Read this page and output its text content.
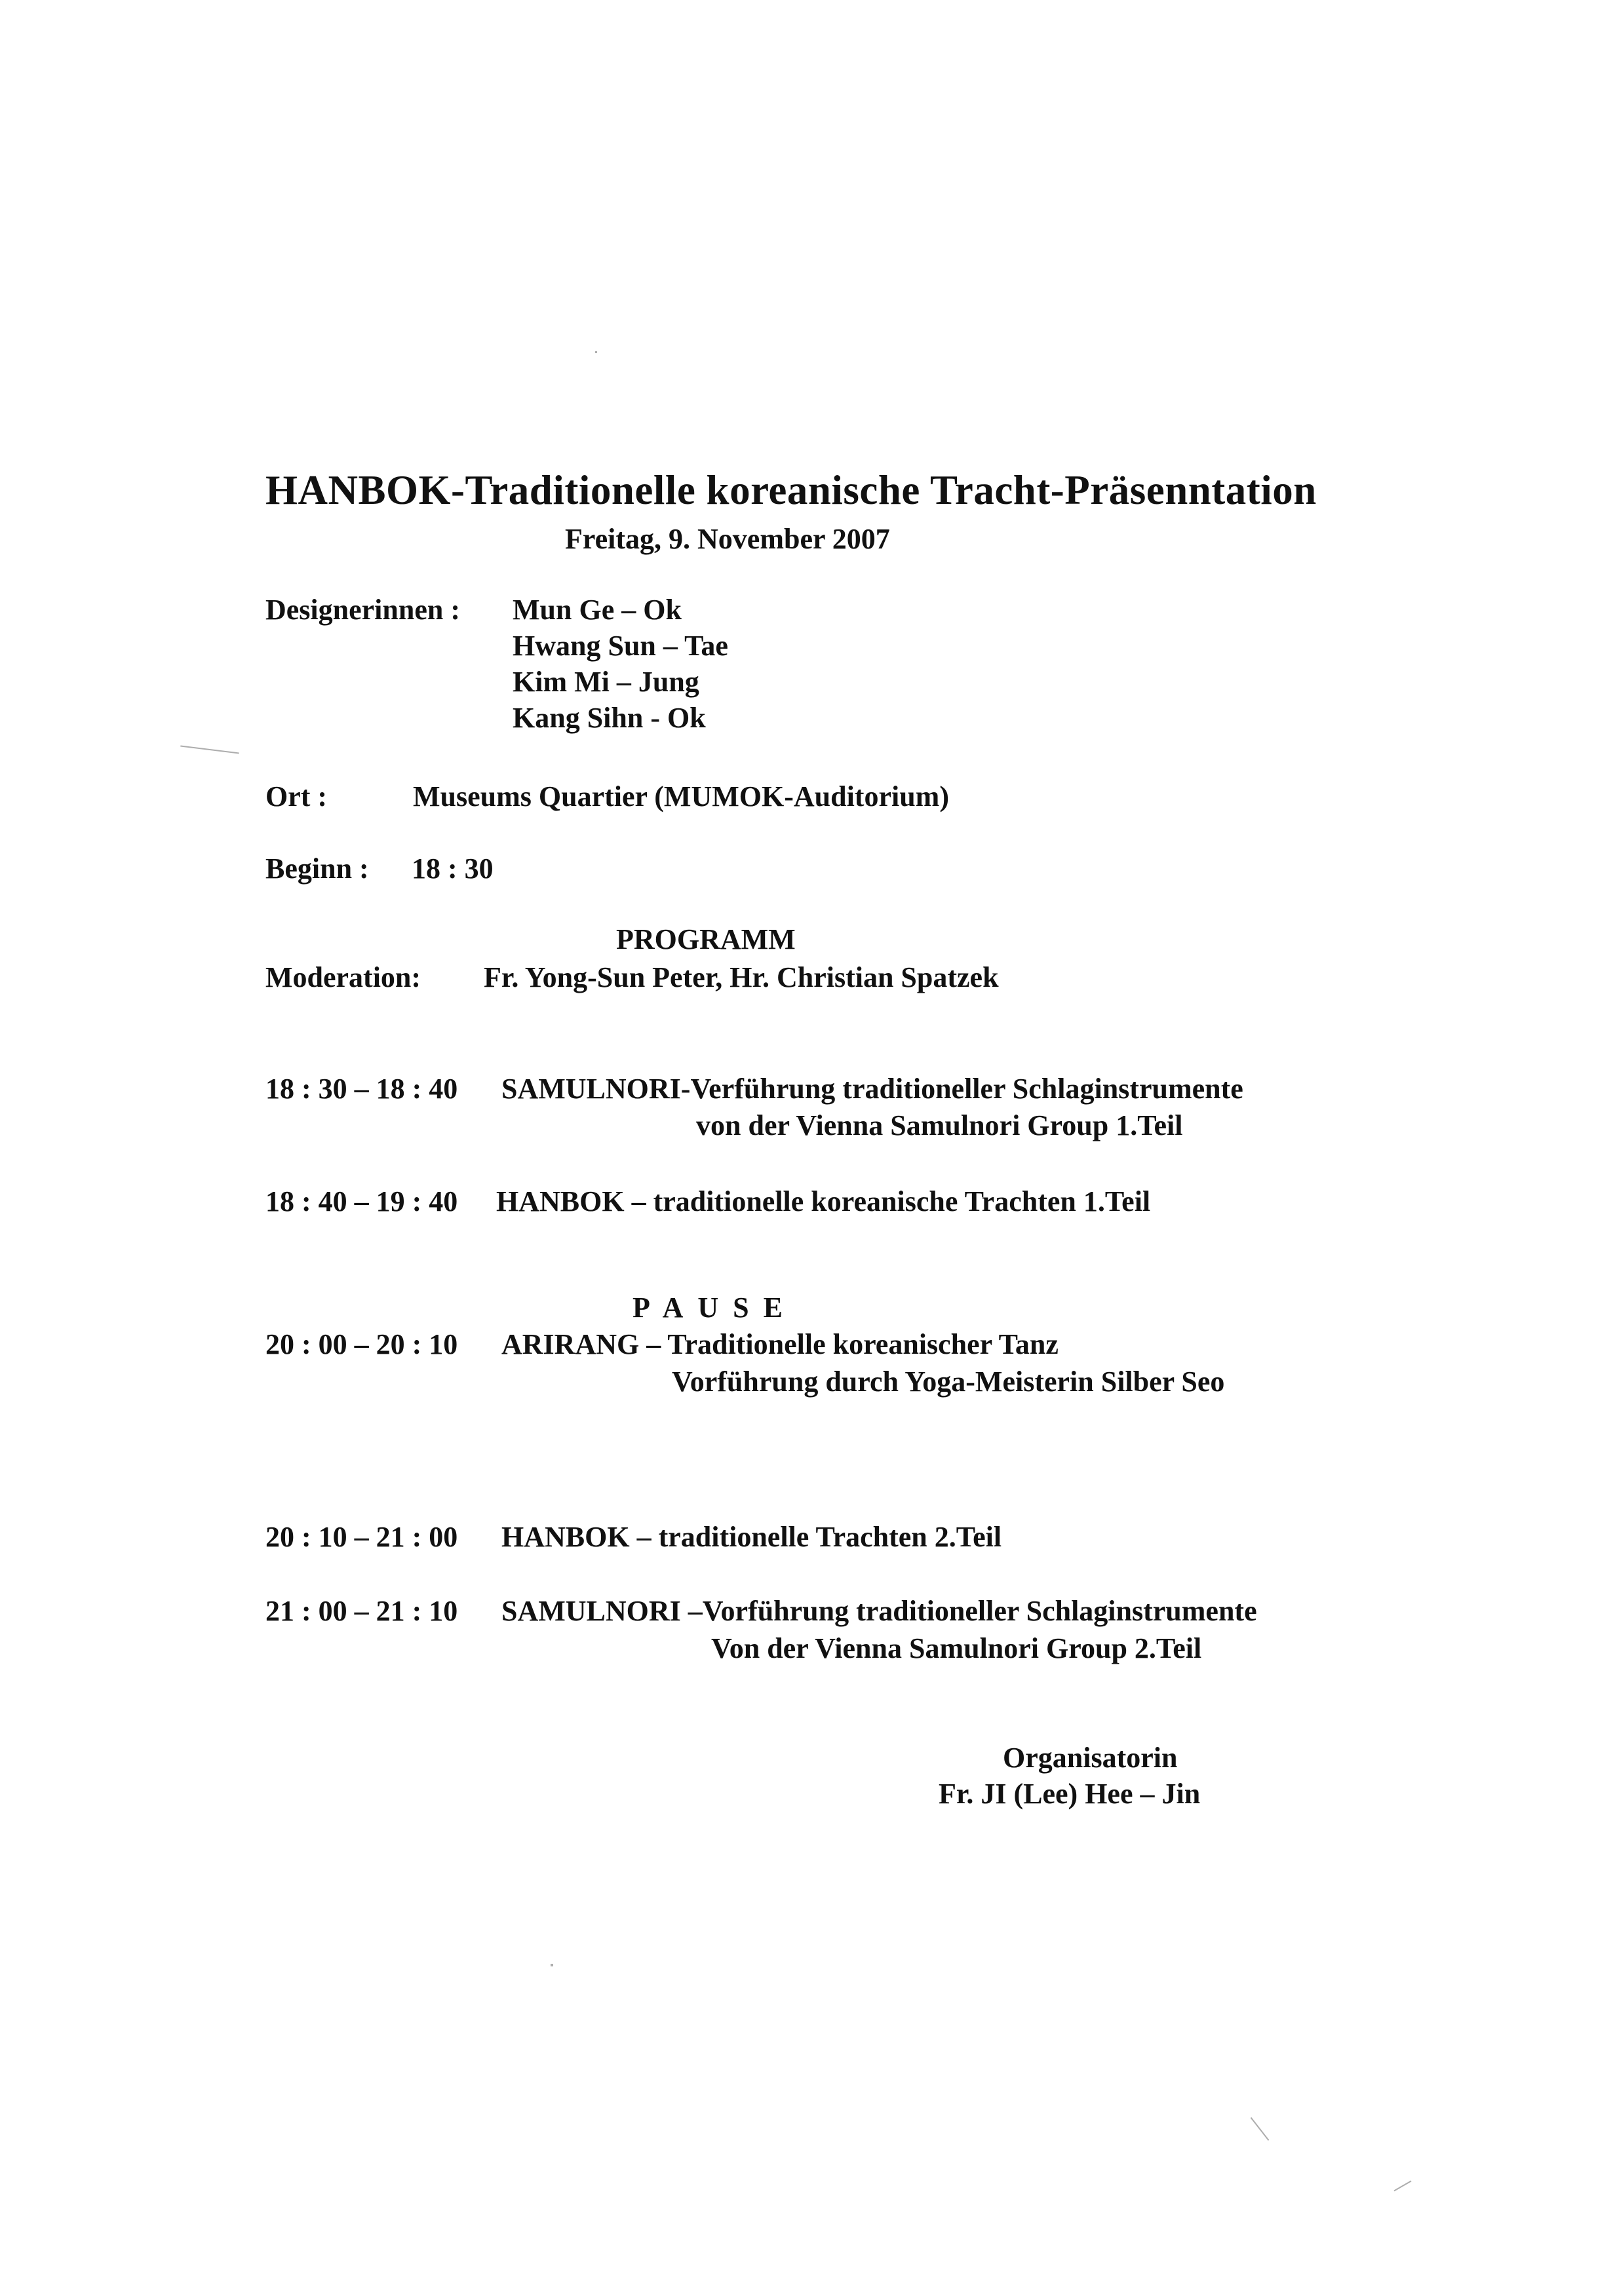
HANBOK-Traditionelle koreanische Tracht-Präsenntation
Freitag, 9. November 2007
Designerinnen : Mun Ge – Ok
Hwang Sun – Tae
Kim Mi – Jung
Kang Sihn - Ok
Ort :	Museums Quartier (MUMOK-Auditorium)
Beginn : 18 : 30
PROGRAMM
Moderation: Fr. Yong-Sun Peter, Hr. Christian Spatzek
18 : 30 – 18 : 40 SAMULNORI-Verführung traditioneller Schlaginstrumente
von der Vienna Samulnori Group 1.Teil
18 : 40 – 19 : 40 HANBOK – traditionelle koreanische Trachten 1.Teil
PAUSE
20 : 00 – 20 : 10 ARIRANG – Traditionelle koreanischer Tanz
Vorführung durch Yoga-Meisterin Silber Seo
20 : 10 – 21 : 00 HANBOK – traditionelle Trachten 2.Teil
21 : 00 – 21 : 10 SAMULNORI –Vorführung traditioneller Schlaginstrumente
Von der Vienna Samulnori Group 2.Teil
Organisatorin
Fr. JI (Lee) Hee – Jin
